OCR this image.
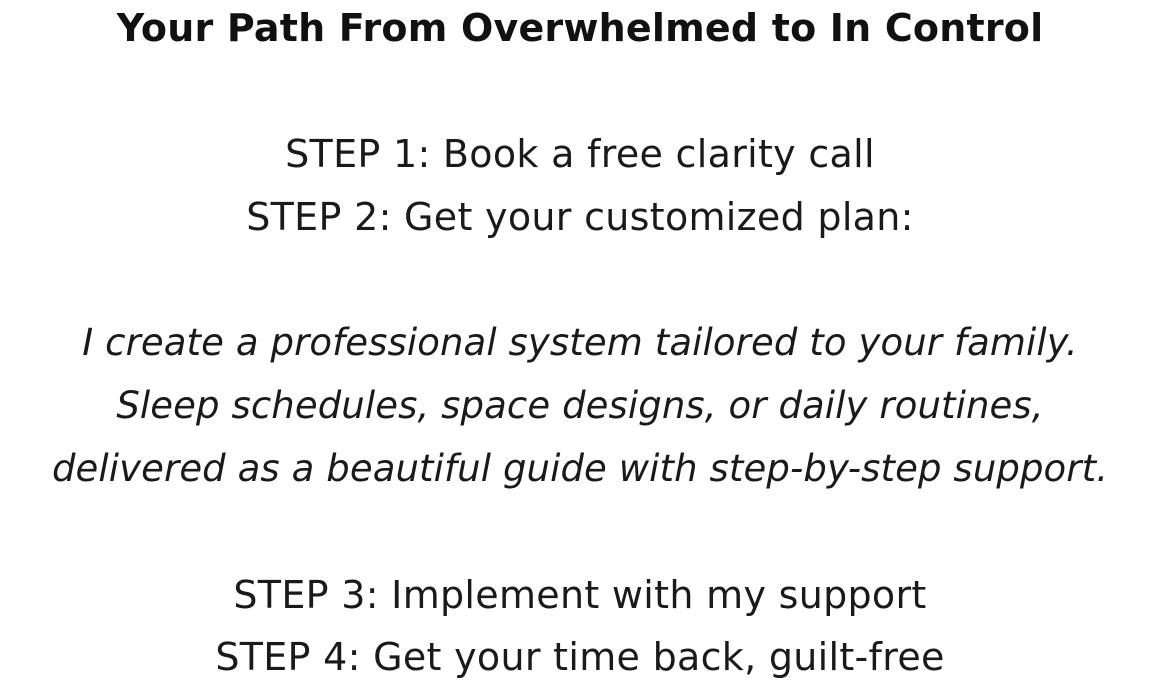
Your Path From Overwhelmed to In Control

STEP 1: Book a free clarity call

STEP 2: Get your customized plan:

I create a professional system tailored to your family.

Sleep schedules, space designs, or daily routines,

delivered as a beautiful guide with step-by-step support.

STEP 3: Implement with my support

STEP 4: Get your time back, guilt-free
